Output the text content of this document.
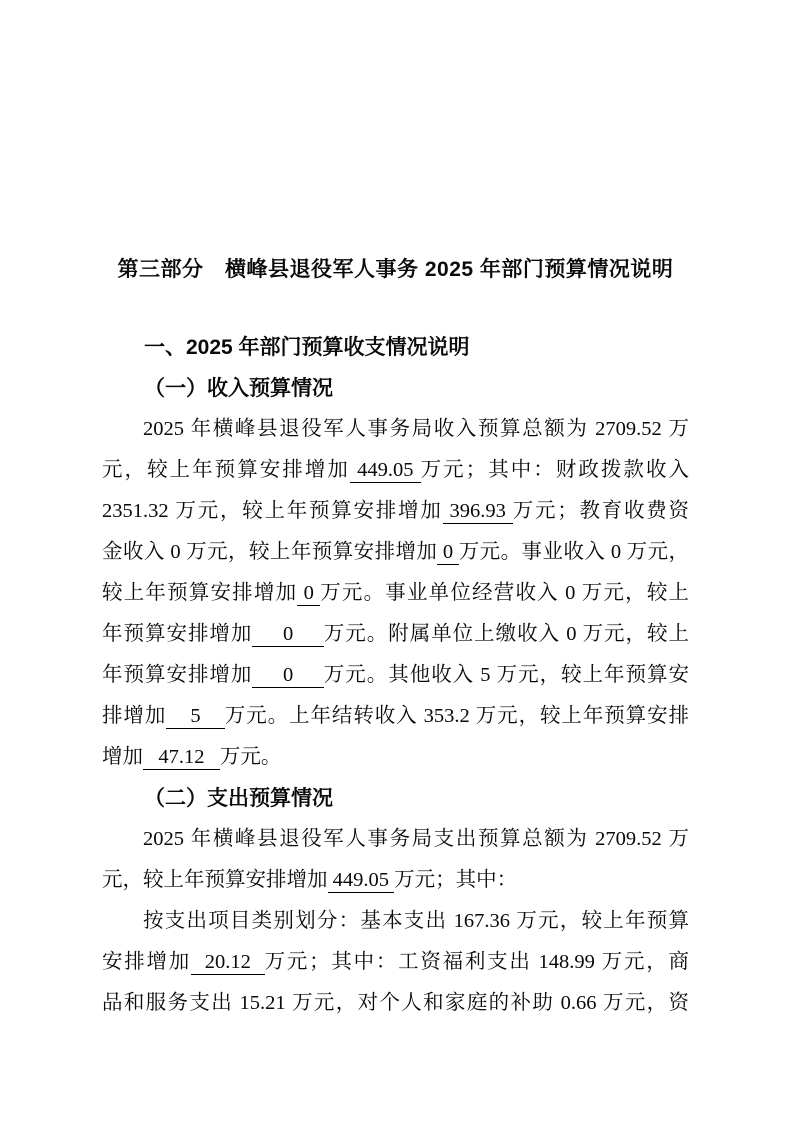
第三部分　横峰县退役军人事务 2025 年部门预算情况说明
一、2025 年部门预算收支情况说明
（一）收入预算情况
2025 年横峰县退役军人事务局收入预算总额为 2709.52 万
元，较上年预算安排增加 449.05 万元；其中：财政拨款收入
2351.32 万元，较上年预算安排增加 396.93 万元；教育收费资
金收入 0 万元，较上年预算安排增加 0 万元。事业收入 0 万元，
较上年预算安排增加 0 万元。事业单位经营收入 0 万元，较上
年预算安排增加     0     万元。附属单位上缴收入 0 万元，较上
年预算安排增加     0     万元。其他收入 5 万元，较上年预算安
排增加    5    万元。上年结转收入 353.2 万元，较上年预算安排
增加   47.12   万元。
（二）支出预算情况
2025 年横峰县退役军人事务局支出预算总额为 2709.52 万
元，较上年预算安排增加 449.05 万元；其中：
按支出项目类别划分：基本支出 167.36 万元，较上年预算
安排增加  20.12  万元；其中：工资福利支出 148.99 万元，商
品和服务支出 15.21 万元，对个人和家庭的补助 0.66 万元，资
